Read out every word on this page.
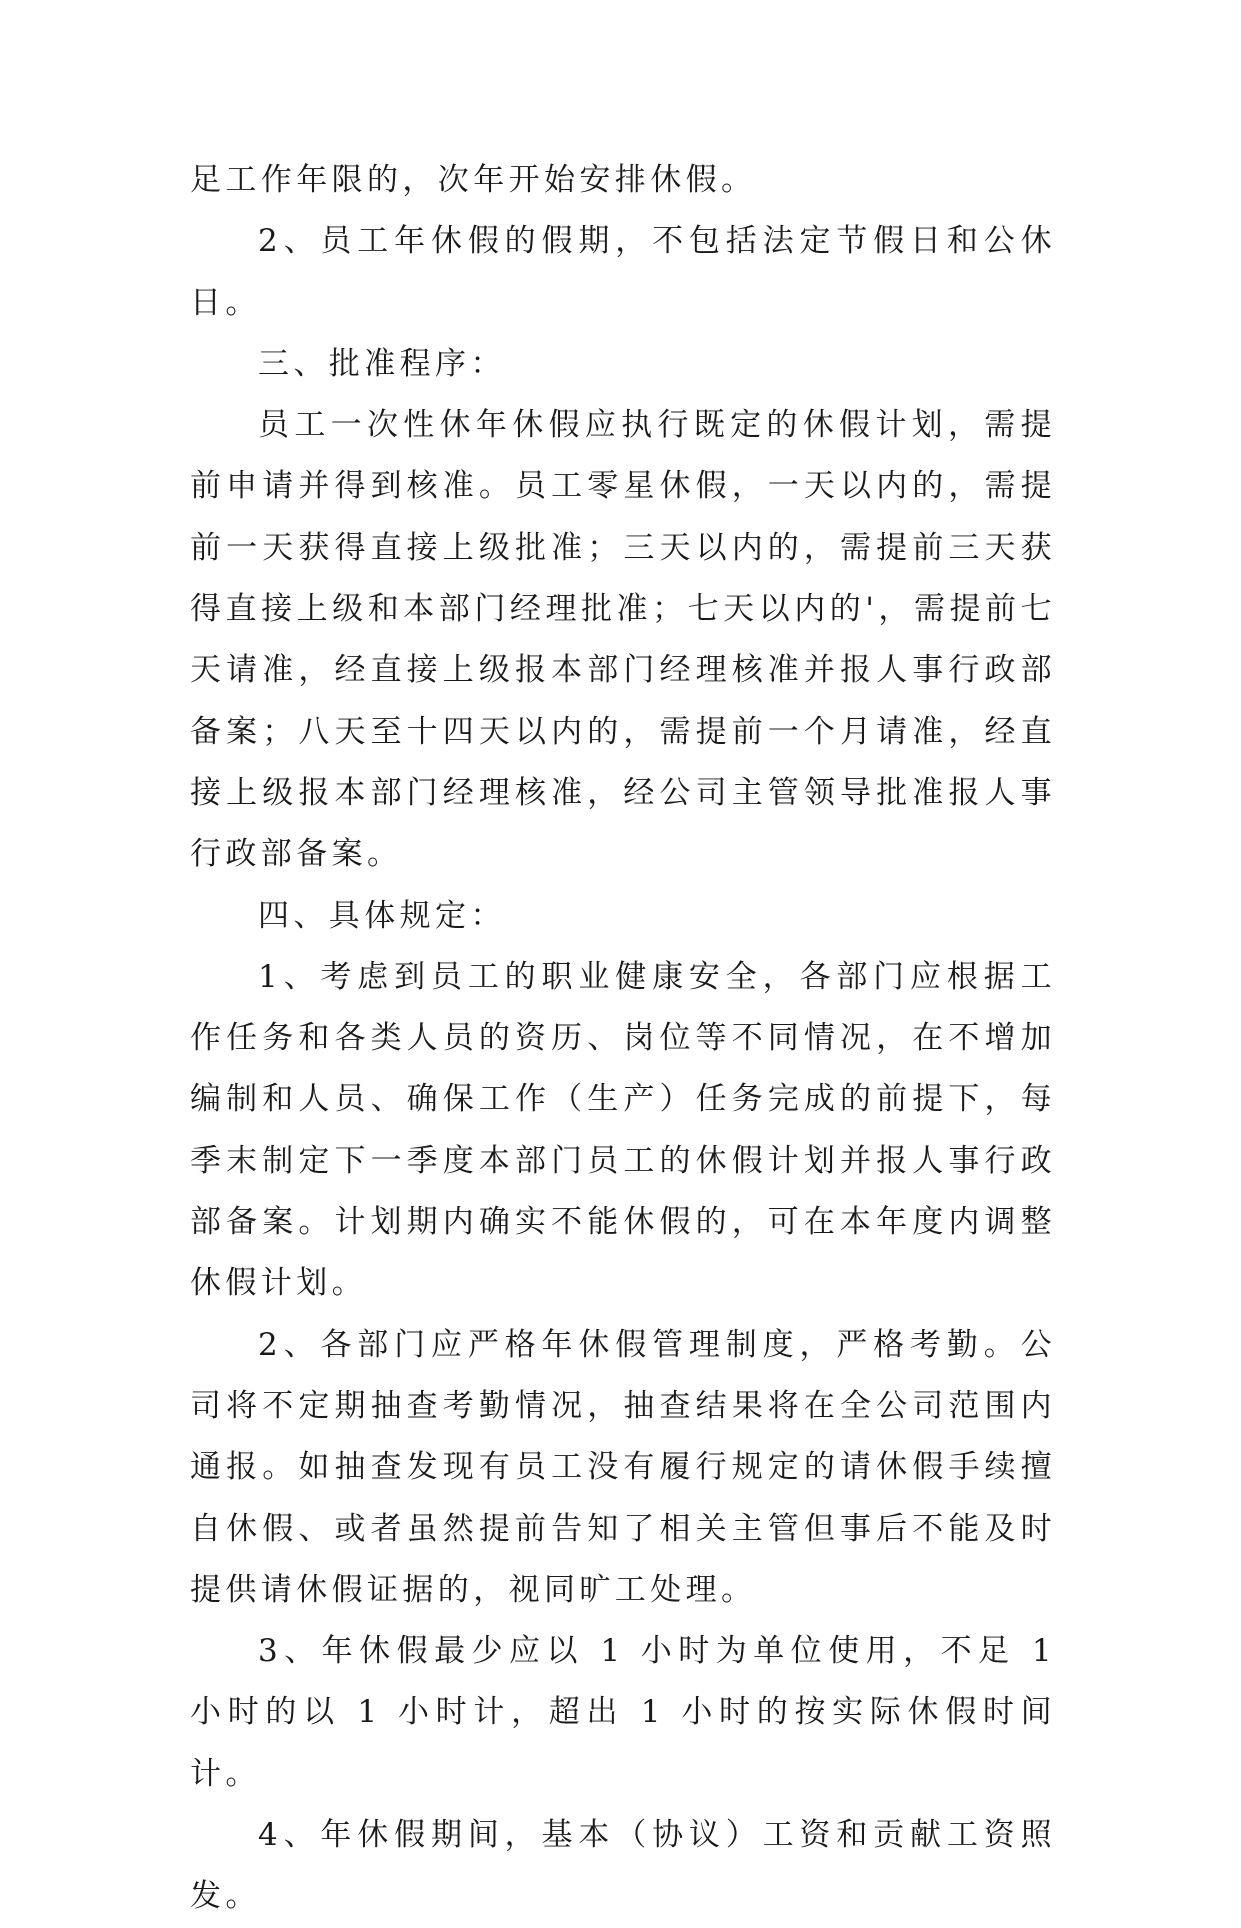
足工作年限的，次年开始安排休假。

2、员工年休假的假期，不包括法定节假日和公休日。

三、批准程序：

员工一次性休年休假应执行既定的休假计划，需提前申请并得到核准。员工零星休假，一天以内的，需提前一天获得直接上级批准；三天以内的，需提前三天获得直接上级和本部门经理批准；七天以内的'，需提前七天请准，经直接上级报本部门经理核准并报人事行政部备案；八天至十四天以内的，需提前一个月请准，经直接上级报本部门经理核准，经公司主管领导批准报人事行政部备案。

四、具体规定：

1、考虑到员工的职业健康安全，各部门应根据工作任务和各类人员的资历、岗位等不同情况，在不增加编制和人员、确保工作（生产）任务完成的前提下，每季末制定下一季度本部门员工的休假计划并报人事行政部备案。计划期内确实不能休假的，可在本年度内调整休假计划。

2、各部门应严格年休假管理制度，严格考勤。公司将不定期抽查考勤情况，抽查结果将在全公司范围内通报。如抽查发现有员工没有履行规定的请休假手续擅自休假、或者虽然提前告知了相关主管但事后不能及时提供请休假证据的，视同旷工处理。

3、年休假最少应以 1 小时为单位使用，不足 1 小时的以 1 小时计，超出 1 小时的按实际休假时间计。

4、年休假期间，基本（协议）工资和贡献工资照发。
